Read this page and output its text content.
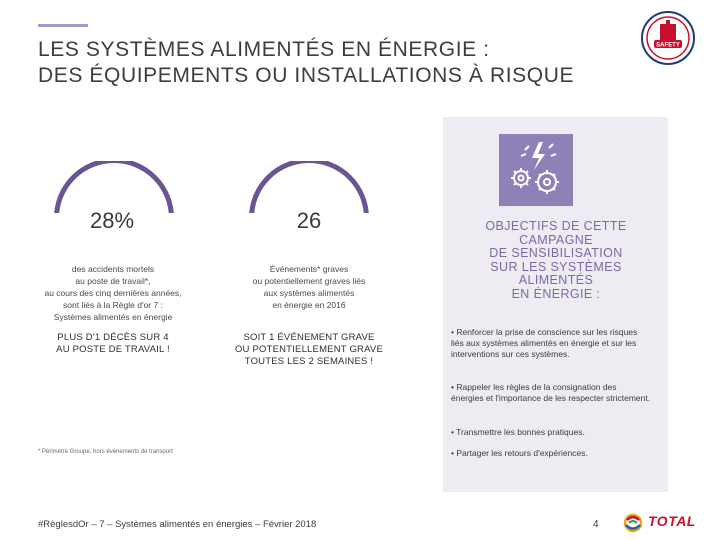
LES SYSTÈMES ALIMENTÉS EN ÉNERGIE :
DES ÉQUIPEMENTS OU INSTALLATIONS À RISQUE
SAFETY
28%
des accidents mortels
au poste de travail*,
au cours des cinq dernières années,
sont liés à la Règle d'or 7 :
Systèmes alimentés en énergie
PLUS D'1 DÉCÈS SUR 4
AU POSTE DE TRAVAIL !
26
Événements* graves
ou potentiellement graves liés
aux systèmes alimentés
en énergie en 2016
SOIT 1 ÉVÉNEMENT GRAVE
OU POTENTIELLEMENT GRAVE
TOUTES LES 2 SEMAINES !
OBJECTIFS DE CETTE
CAMPAGNE
DE SENSIBILISATION
SUR LES SYSTÈMES
ALIMENTÉS
EN ÉNERGIE :
• Renforcer la prise de conscience sur les risques liés aux systèmes alimentés en énergie et sur les interventions sur ces systèmes.
• Rappeler les règles de la consignation des énergies et l'importance de les respecter strictement.
• Transmettre les bonnes pratiques.
• Partager les retours d'expériences.
* Périmètre Groupe, hors évènements de transport
#RèglesdOr – 7 – Systèmes alimentés en énergies – Février 2018	4	TOTAL
